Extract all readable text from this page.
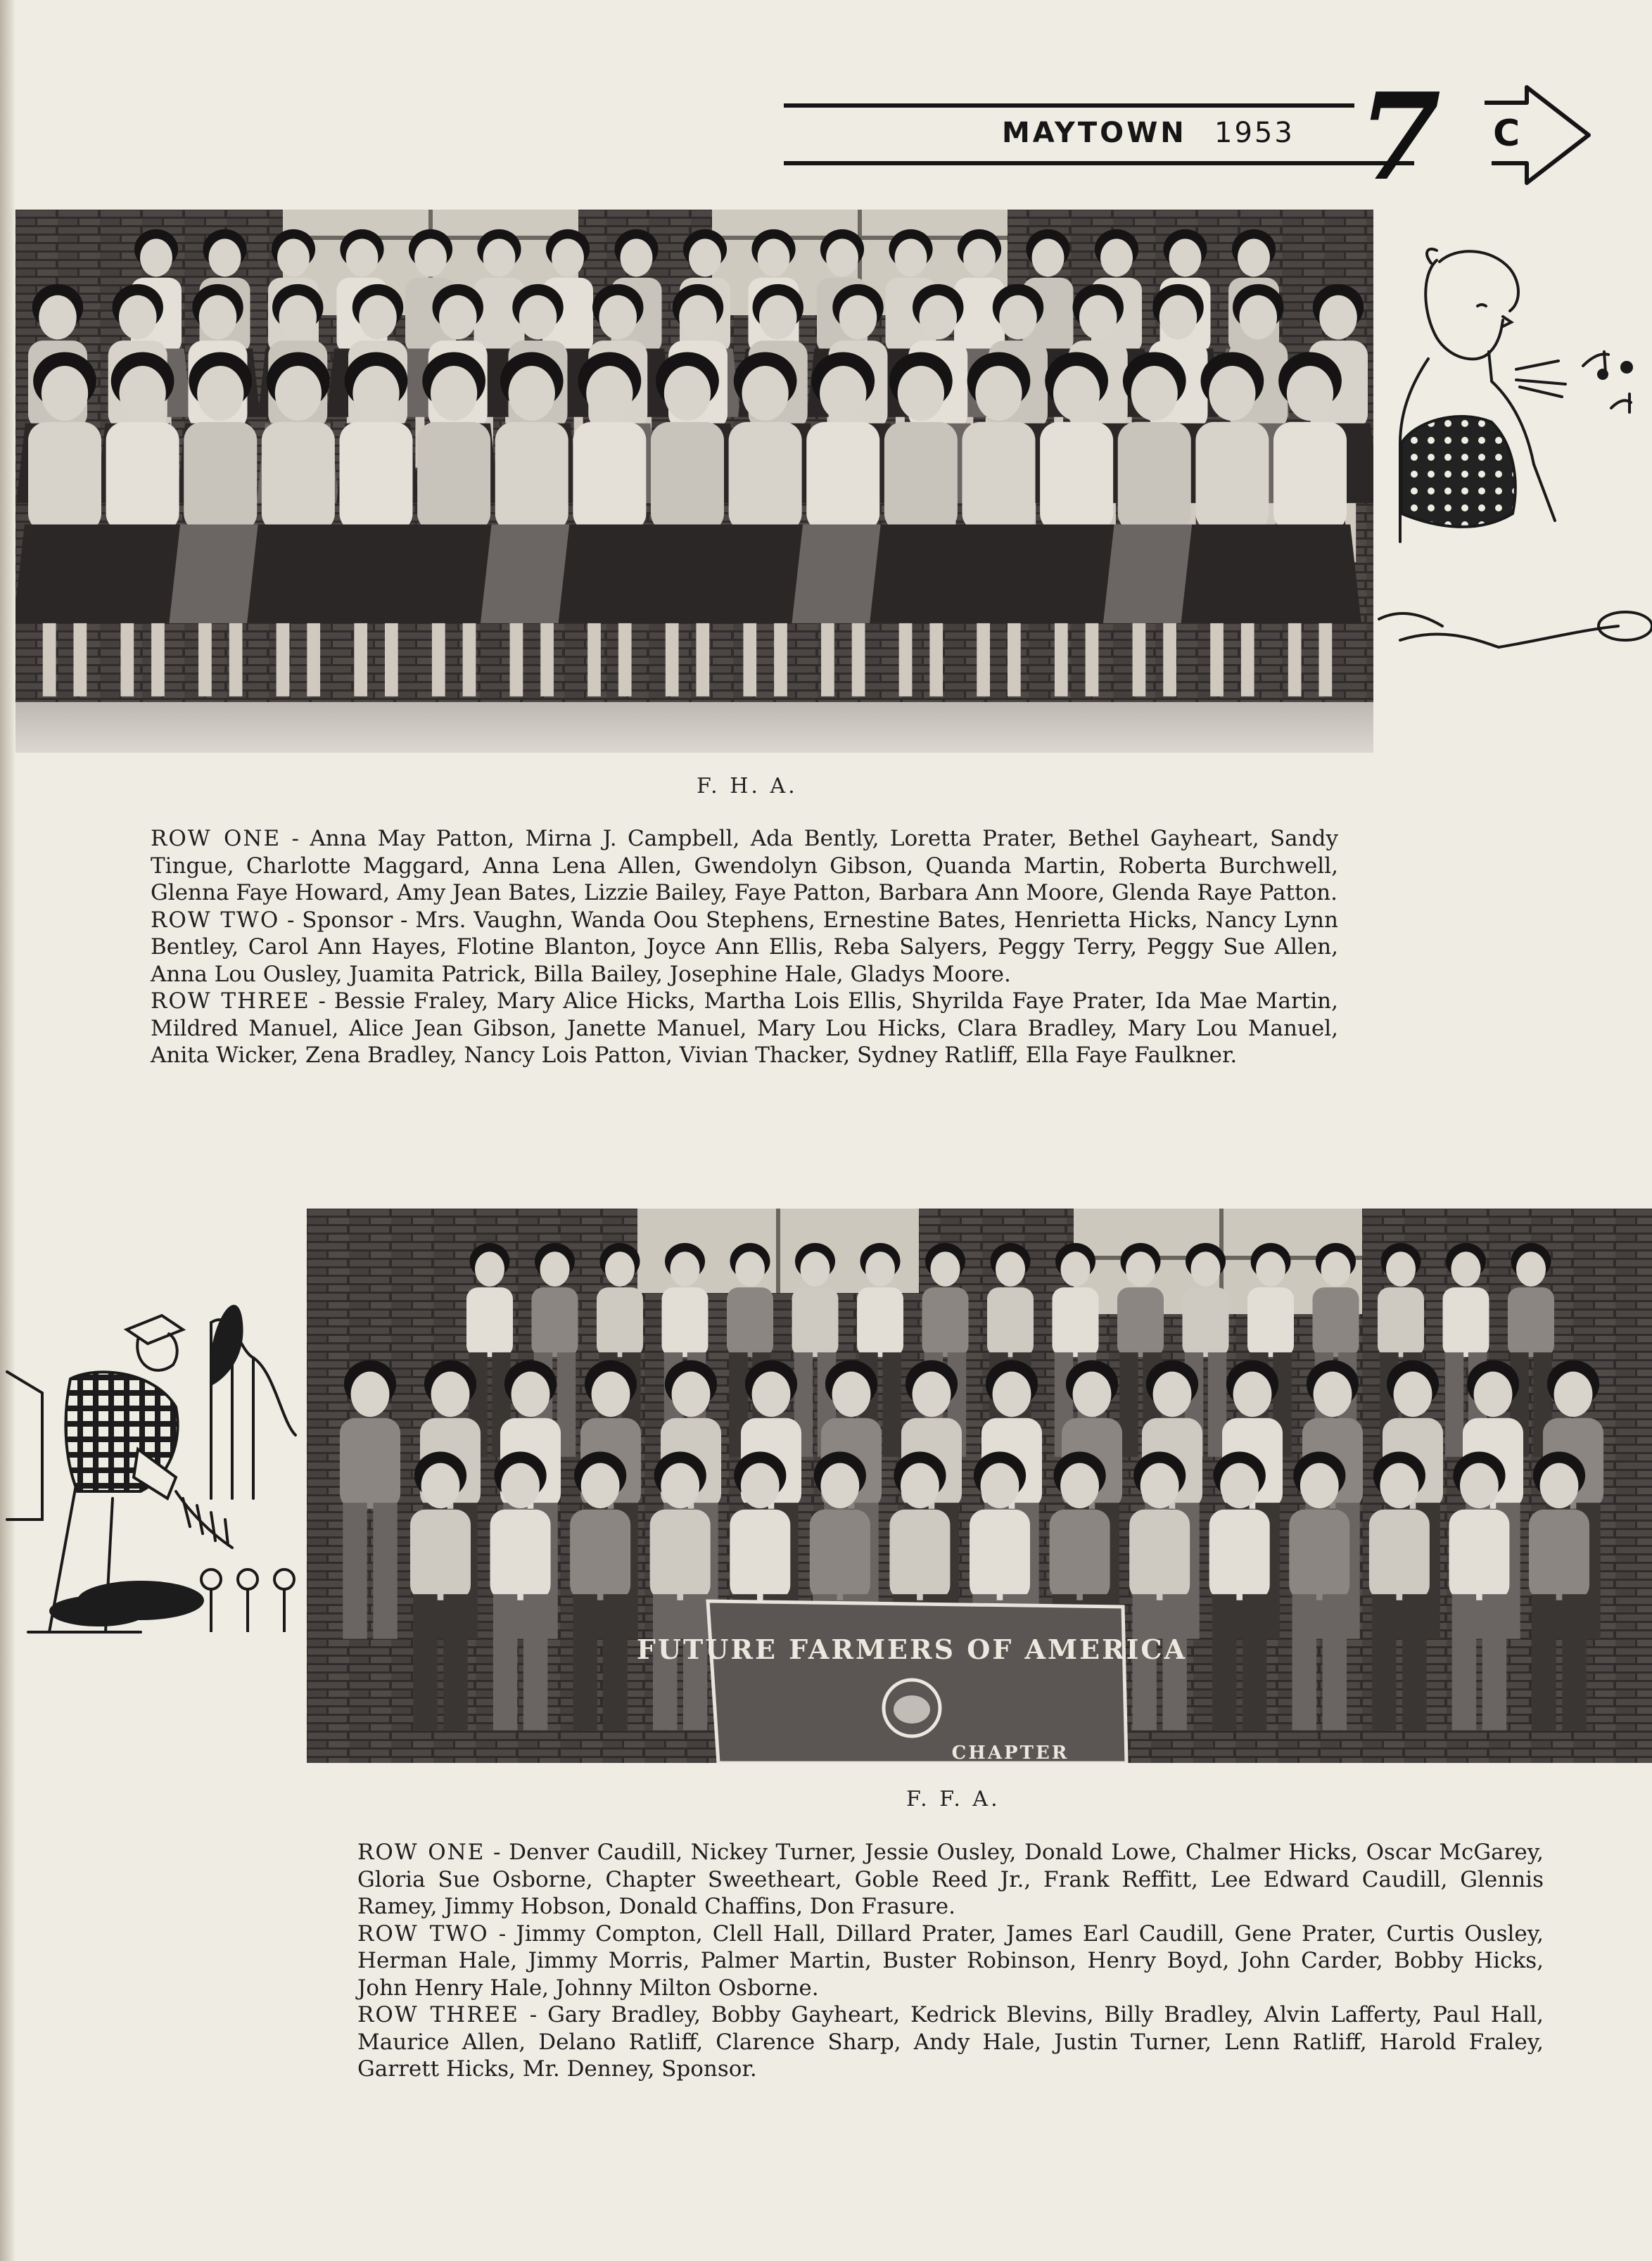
MAYTOWN 1953 7 C
F. H. A.

ROW ONE - Anna May Patton, Mirna J. Campbell, Ada Bently, Loretta Prater, Bethel Gayheart, Sandy Tingue, Charlotte Maggard, Anna Lena Allen, Gwendolyn Gibson, Quanda Martin, Roberta Burchwell, Glenna Faye Howard, Amy Jean Bates, Lizzie Bailey, Faye Patton, Barbara Ann Moore, Glenda Raye Patton.

ROW TWO - Sponsor - Mrs. Vaughn, Wanda Oou Stephens, Ernestine Bates, Henrietta Hicks, Nancy Lynn Bentley, Carol Ann Hayes, Flotine Blanton, Joyce Ann Ellis, Reba Salyers, Peggy Terry, Peggy Sue Allen, Anna Lou Ousley, Juamita Patrick, Billa Bailey, Josephine Hale, Gladys Moore.

ROW THREE - Bessie Fraley, Mary Alice Hicks, Martha Lois Ellis, Shyrilda Faye Prater, Ida Mae Martin, Mildred Manuel, Alice Jean Gibson, Janette Manuel, Mary Lou Hicks, Clara Bradley, Mary Lou Manuel, Anita Wicker, Zena Bradley, Nancy Lois Patton, Vivian Thacker, Sydney Ratliff, Ella Faye Faulkner.

FUTURE FARMERS OF AMERICA
CHAPTER
F. F. A.

ROW ONE - Denver Caudill, Nickey Turner, Jessie Ousley, Donald Lowe, Chalmer Hicks, Oscar McGarey, Gloria Sue Osborne, Chapter Sweetheart, Goble Reed Jr., Frank Reffitt, Lee Edward Caudill, Glennis Ramey, Jimmy Hobson, Donald Chaffins, Don Frasure.

ROW TWO - Jimmy Compton, Clell Hall, Dillard Prater, James Earl Caudill, Gene Prater, Curtis Ousley, Herman Hale, Jimmy Morris, Palmer Martin, Buster Robinson, Henry Boyd, John Carder, Bobby Hicks, John Henry Hale, Johnny Milton Osborne.

ROW THREE - Gary Bradley, Bobby Gayheart, Kedrick Blevins, Billy Bradley, Alvin Lafferty, Paul Hall, Maurice Allen, Delano Ratliff, Clarence Sharp, Andy Hale, Justin Turner, Lenn Ratliff, Harold Fraley, Garrett Hicks, Mr. Denney, Sponsor.
